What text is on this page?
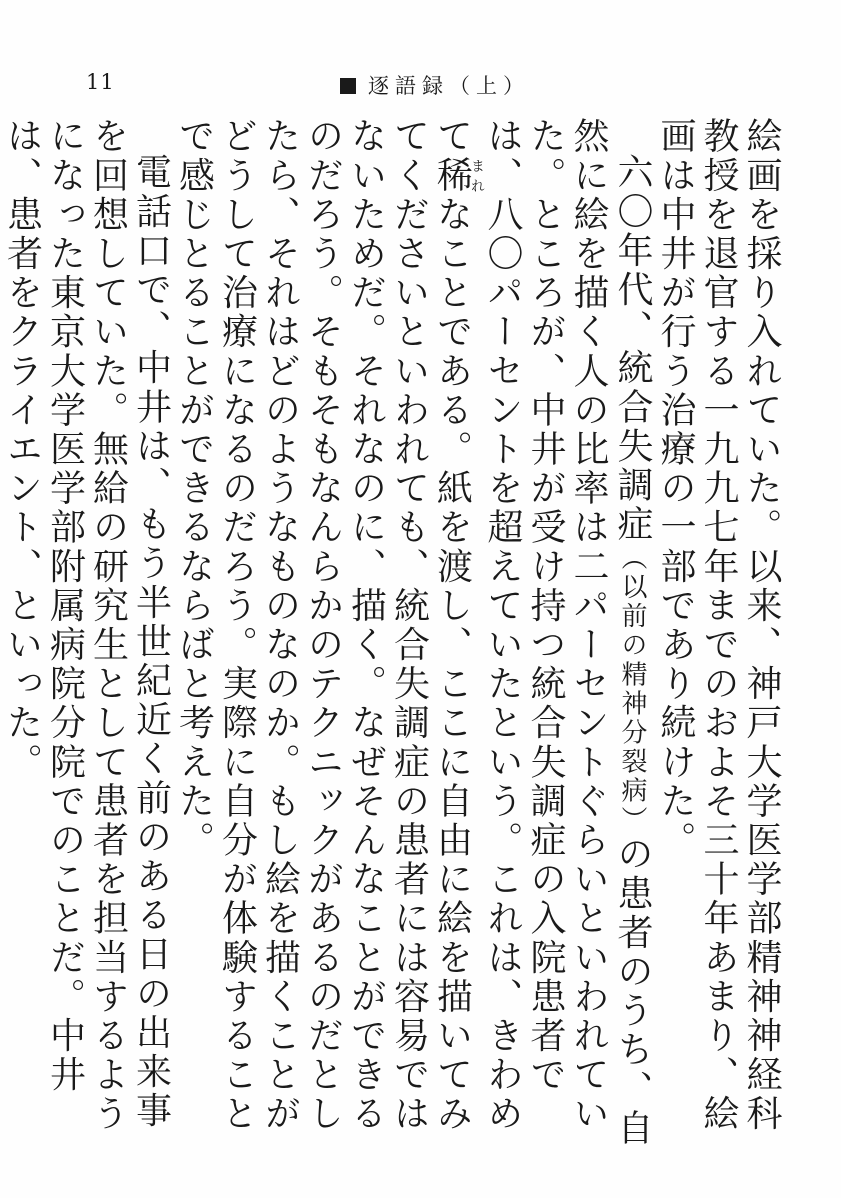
11	逐語録（上）

絵画を採り入れていた。以来、神戸大学医学部精神神経科教授を退官する一九九七年までのおよそ三十年あまり、絵画は中井が行う治療の一部であり続けた。

六〇年代、統合失調症（以前の精神分裂病）の患者のうち、自然に絵を描く人の比率は二パーセントぐらいといわれていた。ところが、中井が受け持つ統合失調症の入院患者では、八〇パーセントを超えていたという。これは、きわめて稀まれなことである。紙を渡し、ここに自由に絵を描いてみてくださいといわれても、統合失調症の患者には容易ではないためだ。それなのに、描く。なぜそんなことができるのだろう。そもそもなんらかのテクニックがあるのだとしたら、それはどのようなものなのか。もし絵を描くことがどうして治療になるのだろう。実際に自分が体験することで感じとることができるならばと考えた。

電話口で、中井は、もう半世紀近く前のある日の出来事を回想していた。無給の研究生として患者を担当するようになった東京大学医学部附属病院分院でのことだ。中井は、患者をクライエント、といった。
